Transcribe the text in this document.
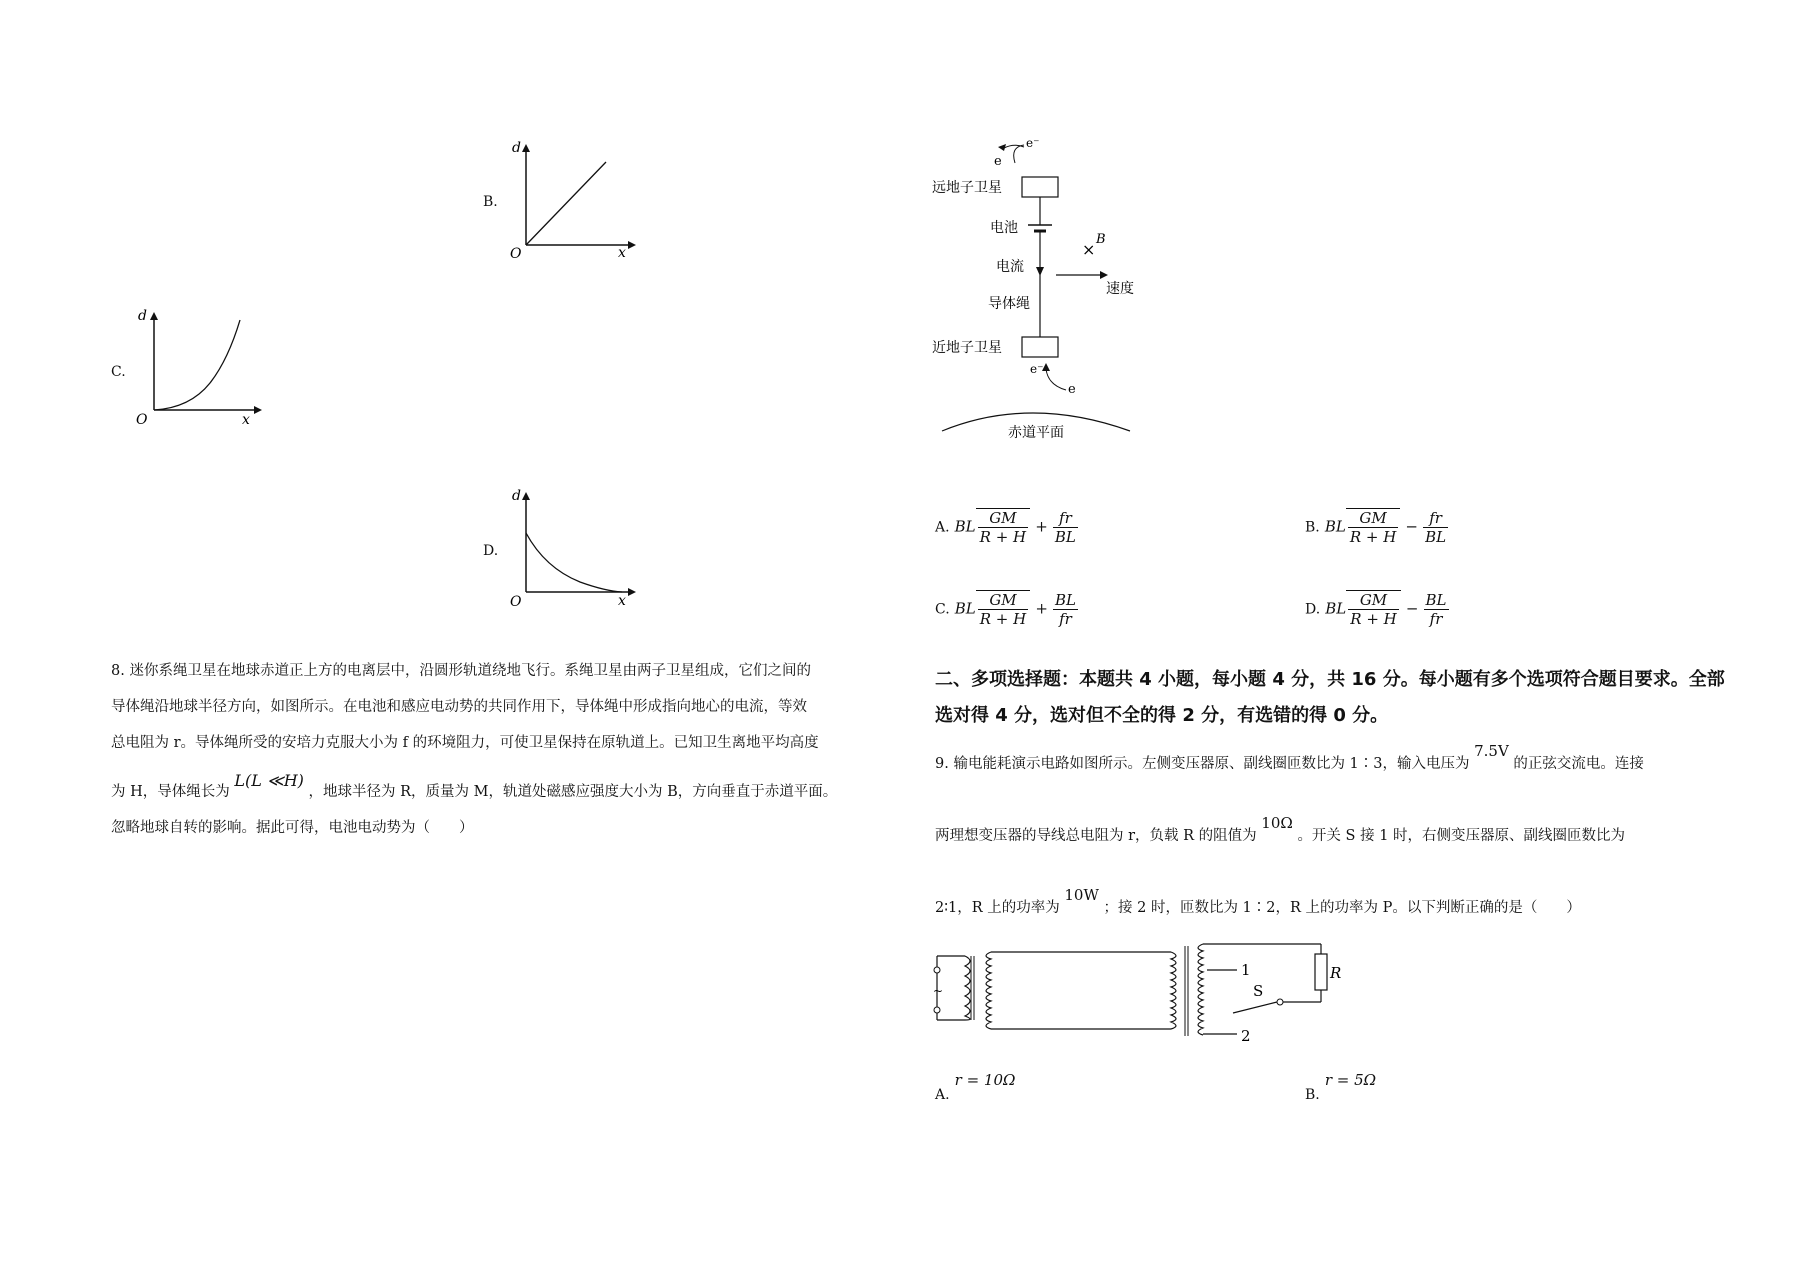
B.
d
x
O
C.
d
x
O
D.
d
x
O
8. 迷你系绳卫星在地球赤道正上方的电离层中，沿圆形轨道绕地飞行。系绳卫星由两子卫星组成，它们之间的
导体绳沿地球半径方向，如图所示。在电池和感应电动势的共同作用下，导体绳中形成指向地心的电流，等效
总电阻为 r。导体绳所受的安培力克服大小为 f 的环境阻力，可使卫星保持在原轨道上。已知卫生离地平均高度
为 H，导体绳长为 L(L ≪H) ，地球半径为 R，质量为 M，轨道处磁感应强度大小为 B，方向垂直于赤道平面。
忽略地球自转的影响。据此可得，电池电动势为（　　）
e
e⁻
远地子卫星
电池
电流
×
B
速度
导体绳
近地子卫星
e⁻
e
赤道平面
A. BL $\frac{GM}{R + H} + \frac{fr}{BL}$	B. BL $\frac{GM}{R + H} - \frac{fr}{BL}$
C. BL $\frac{GM}{R + H} + \frac{BL}{fr}$	D. BL $\frac{GM}{R + H} - \frac{BL}{fr}$
二、多项选择题：本题共 4 小题，每小题 4 分，共 16 分。每小题有多个选项符合题目要求。全部
选对得 4 分，选对但不全的得 2 分，有选错的得 0 分。
9. 输电能耗演示电路如图所示。左侧变压器原、副线圈匝数比为 1∶3，输入电压为 7.5V 的正弦交流电。连接
两理想变压器的导线总电阻为 r，负载 R 的阻值为 10Ω 。开关 S 接 1 时，右侧变压器原、副线圈匝数比为
2∶1，R 上的功率为 10W ；接 2 时，匝数比为 1∶2，R 上的功率为 P。以下判断正确的是（　　）
~
R
S
1
2
A. r = 10Ω
B. r = 5Ω
